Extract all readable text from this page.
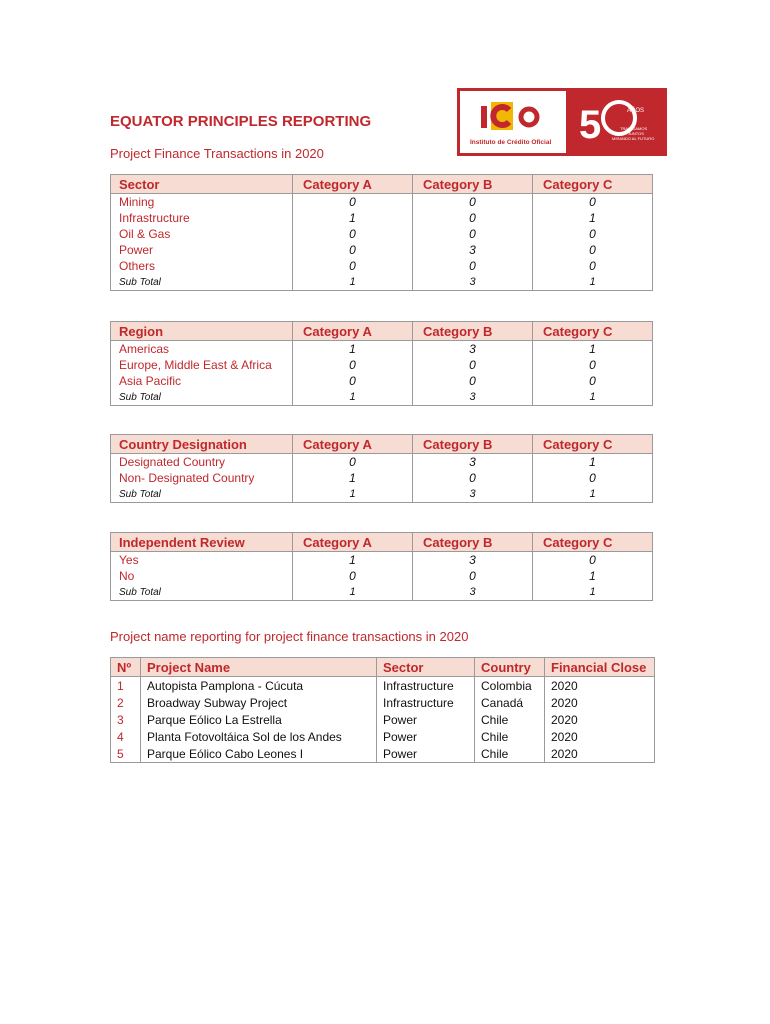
EQUATOR PRINCIPLES REPORTING
Project Finance Transactions in 2020
Instituto de Crédito Oficial 5	AÑOS
TRABAJAMOS
JUNTOS
MIRANDO AL FUTURO
Sector	Category A	Category B	Category C
Mining	0	0	0
Infrastructure	1	0	1
Oil & Gas	0	0	0
Power	0	3	0
Others	0	0	0
Sub Total	1	3	1
Region	Category A	Category B	Category C
Americas	1	3	1
Europe, Middle East & Africa	0	0	0
Asia Pacific	0	0	0
Sub Total	1	3	1
Country Designation	Category A	Category B	Category C
Designated Country	0	3	1
Non- Designated Country	1	0	0
Sub Total	1	3	1
Independent Review	Category A	Category B	Category C
Yes	1	3	0
No	0	0	1
Sub Total	1	3	1
Project name reporting for project finance transactions in 2020
Nº	Project Name	Sector	Country	Financial Close
1	Autopista Pamplona - Cúcuta	Infrastructure	Colombia	2020
2	Broadway Subway Project	Infrastructure	Canadá	2020
3	Parque Eólico La Estrella	Power	Chile	2020
4	Planta Fotovoltáica Sol de los Andes	Power	Chile	2020
5	Parque Eólico Cabo Leones I	Power	Chile	2020
